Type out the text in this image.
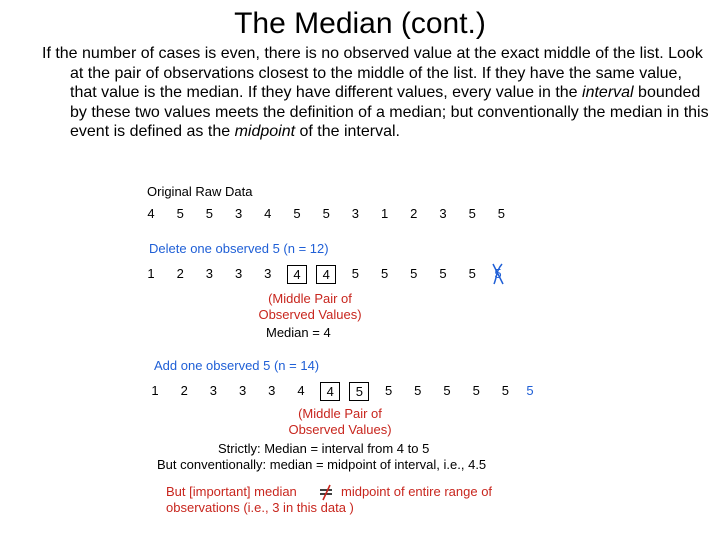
The Median (cont.)
If the number of cases is even, there is no observed value at the exact middle of the list. Look at the pair of observations closest to the middle of the list. If they have the same value, that value is the median. If they have different values, every value in the interval bounded by these two values meets the definition of a median; but conventionally the median in this event is defined as the midpoint of the interval.
Original Raw Data
4	5	5	3	4	5	5	3	1	2	3	5	5
Delete one observed 5 (n = 12)
1	2	3	3	3	4	4	5	5	5	5	5	5
(Middle Pair of
Observed Values)
Median = 4
Add one observed 5 (n = 14)
1	2	3	3	3	4	4	5	5	5	5	5	5	5
(Middle Pair of
Observed Values)
Strictly: Median = interval from 4 to 5
But conventionally: median = midpoint of interval, i.e., 4.5
But [important] median	midpoint of entire range of
observations (i.e., 3 in this data )
